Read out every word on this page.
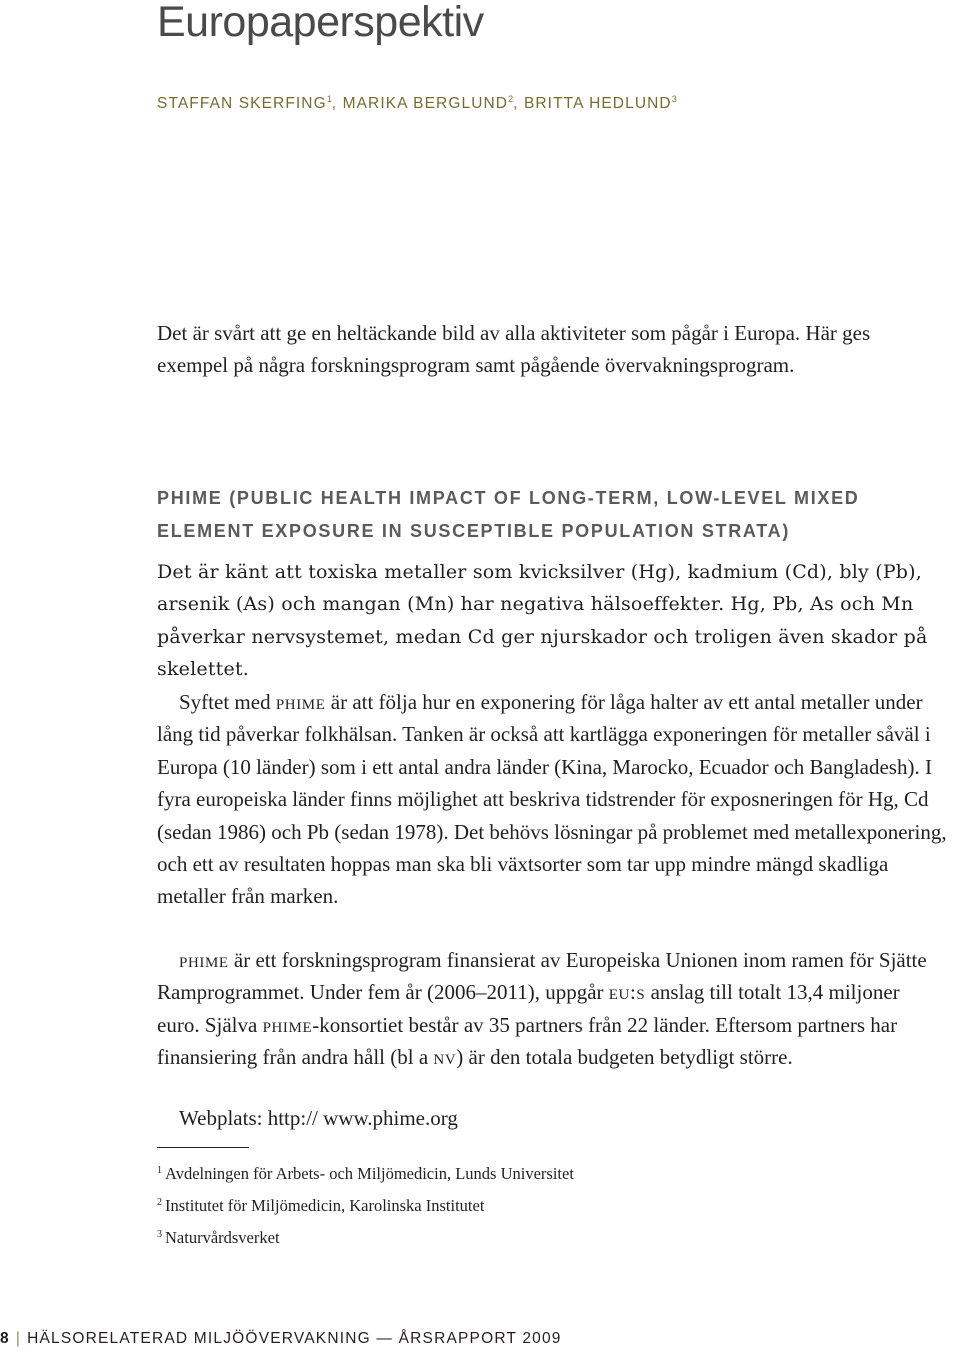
Europaperspektiv
STAFFAN SKERFING$^1$, MARIKA BERGLUND$^2$, BRITTA HEDLUND$^3$

Det är svårt att ge en heltäckande bild av alla aktiviteter som pågår i Europa. Här ges exempel på några forskningsprogram samt pågående övervakningsprogram.

PHIME (PUBLIC HEALTH IMPACT OF LONG-TERM, LOW-LEVEL MIXED
ELEMENT EXPOSURE IN SUSCEPTIBLE POPULATION STRATA)

Det är känt att toxiska metaller som kvicksilver (Hg), kadmium (Cd), bly (Pb), arsenik (As) och mangan (Mn) har negativa hälsoeffekter. Hg, Pb, As och Mn påverkar nervsystemet, medan Cd ger njurskador och troligen även skador på skelettet.

Syftet med phime är att följa hur en exponering för låga halter av ett antal metaller under lång tid påverkar folkhälsan. Tanken är också att kartlägga exponeringen för metaller såväl i Europa (10 länder) som i ett antal andra länder (Kina, Marocko, Ecuador och Bangladesh). I fyra europeiska länder finns möjlighet att beskriva tidstrender för exposneringen för Hg, Cd (sedan 1986) och Pb (sedan 1978). Det behövs lösningar på problemet med metallexponering, och ett av resultaten hoppas man ska bli växtsorter som tar upp mindre mängd skadliga metaller från marken.

phime är ett forskningsprogram finansierat av Europeiska Unionen inom ramen för Sjätte Ramprogrammet. Under fem år (2006–2011), uppgår eu:s anslag till totalt 13,4 miljoner euro. Själva phime-konsortiet består av 35 partners från 22 länder. Eftersom partners har finansiering från andra håll (bl a nv) är den totala budgeten betydligt större.

Webplats: http:// www.phime.org
$^1$ Avdelningen för Arbets- och Miljömedicin, Lunds Universitet
$^2$ Institutet för Miljömedicin, Karolinska Institutet
$^3$ Naturvårdsverket
8 | HÄLSORELATERAD MILJÖÖVERVAKNING — ÅRSRAPPORT 2009
